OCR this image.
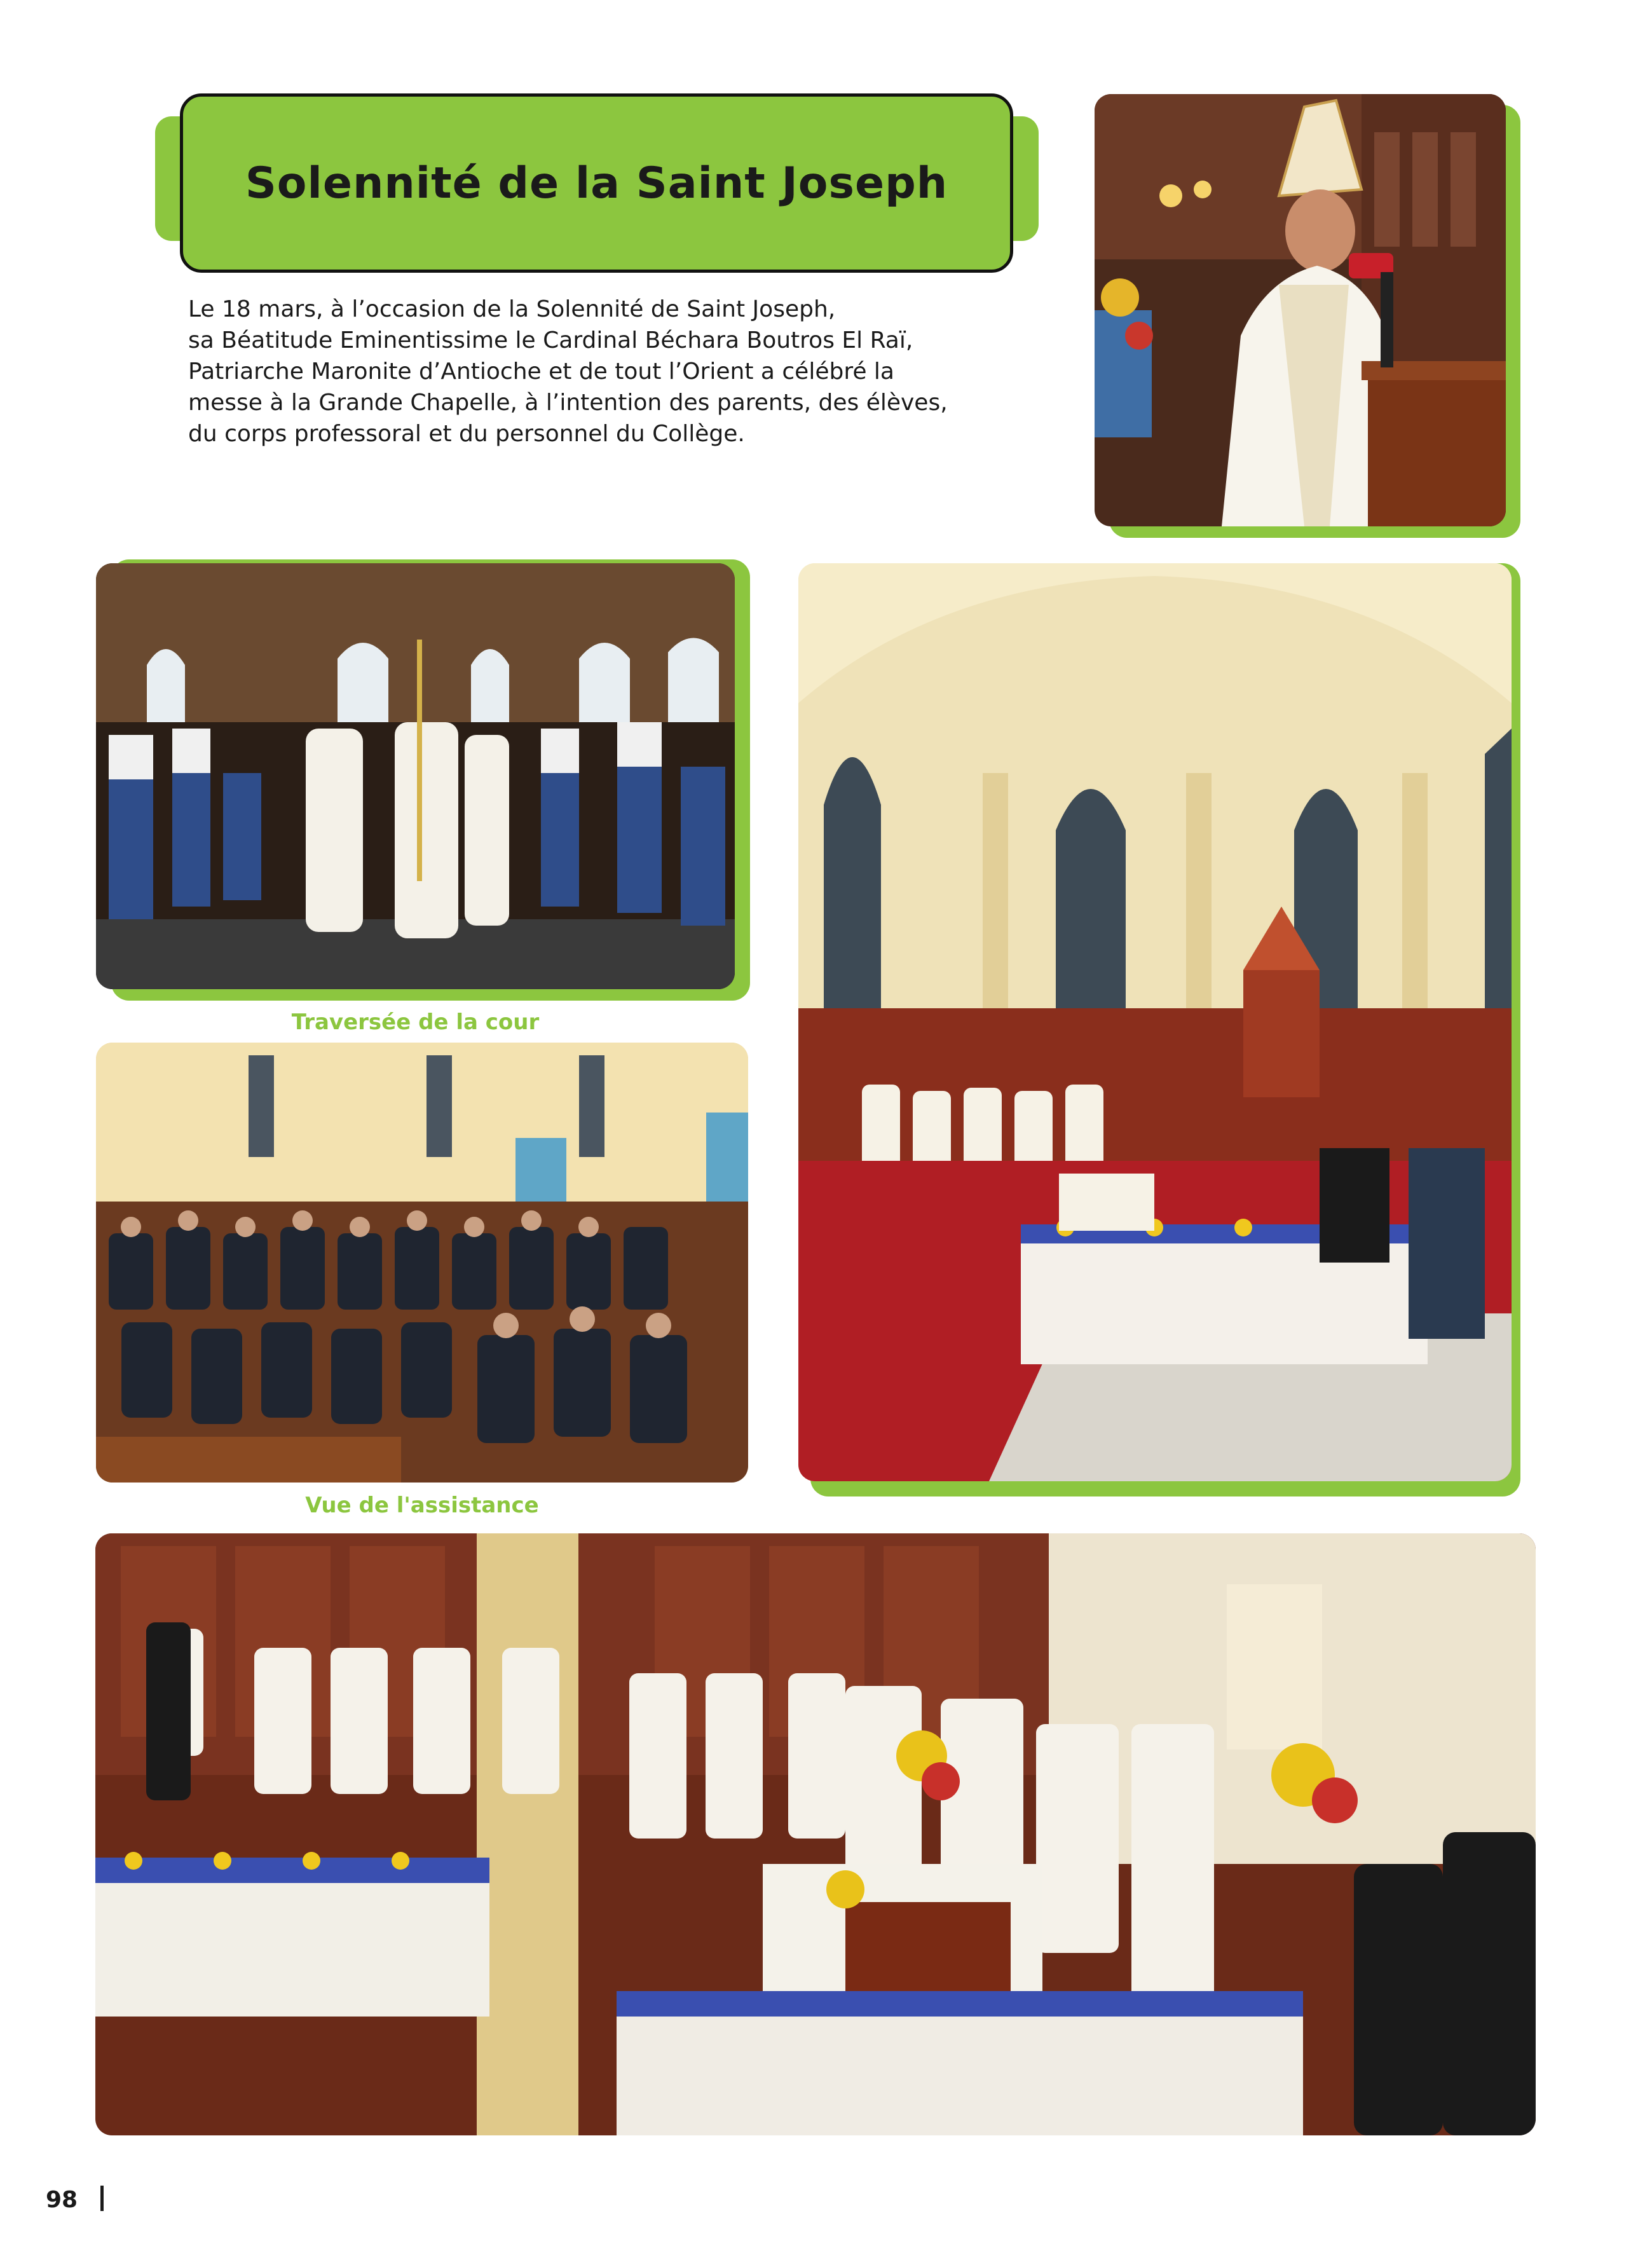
Solennité de la Saint Joseph
Le 18 mars, à l’occasion de la Solennité de Saint Joseph,
sa Béatitude Eminentissime le Cardinal Béchara Boutros El Raï,
Patriarche Maronite d’Antioche et de tout l’Orient a célébré la
messe à la Grande Chapelle, à l’intention des parents, des élèves,
du corps professoral et du personnel du Collège.
Traversée de la cour
Vue de l'assistance
98
